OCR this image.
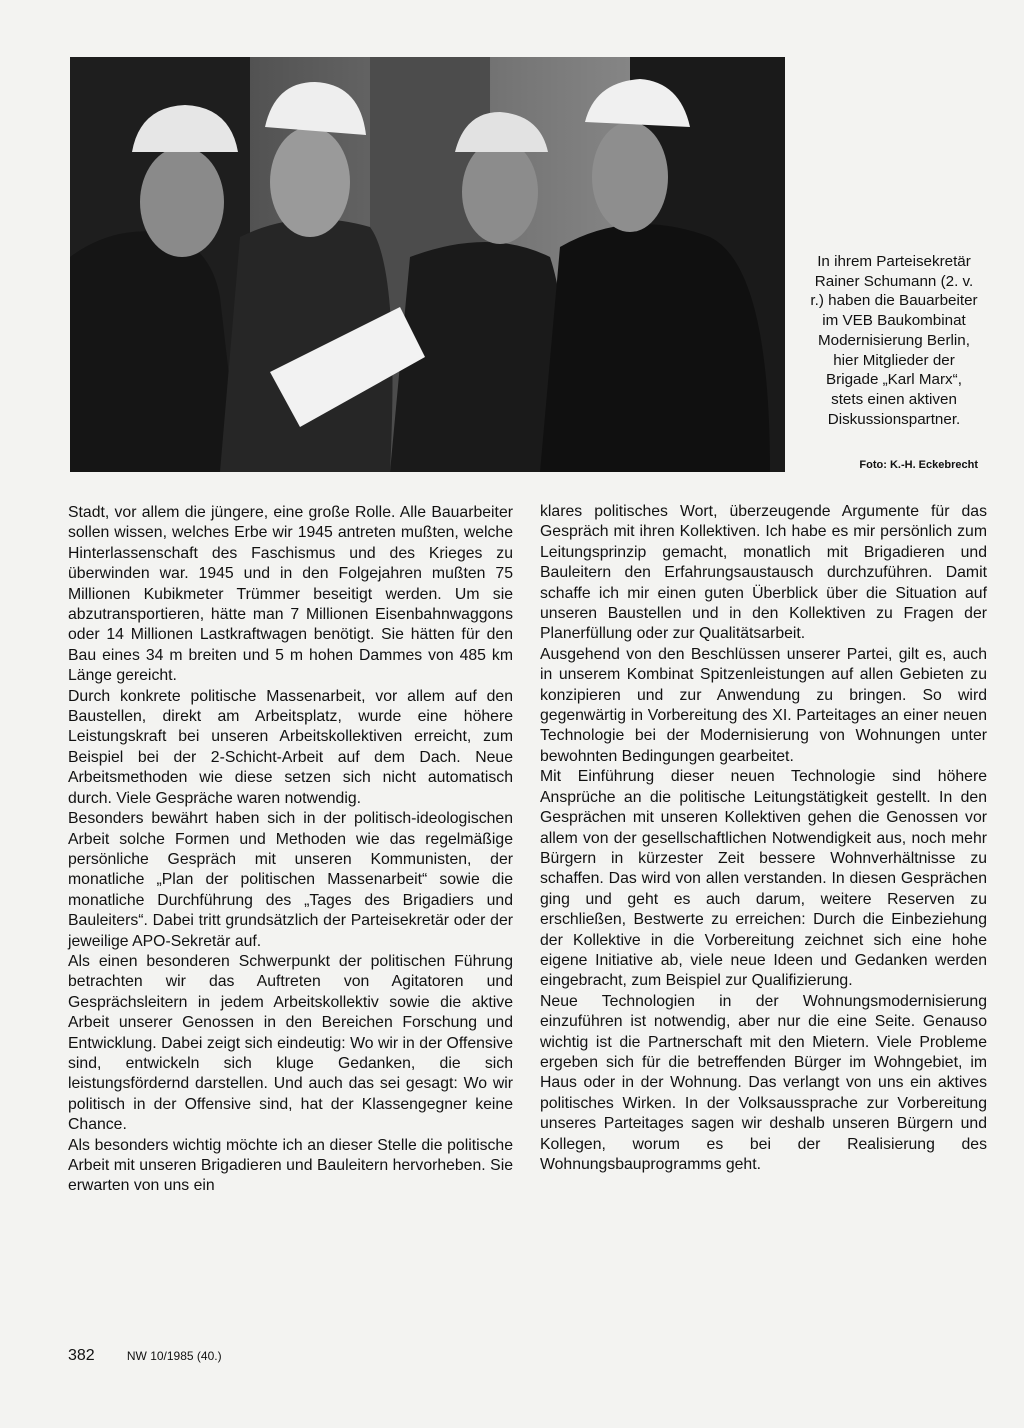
In ihrem Parteisekretär Rainer Schumann (2. v. r.) haben die Bauarbeiter im VEB Baukombinat Modernisierung Berlin, hier Mitglieder der Brigade „Karl Marx“, stets einen aktiven Diskussionspartner.
Foto: K.-H. Eckebrecht

Stadt, vor allem die jüngere, eine große Rolle. Alle Bauarbeiter sollen wissen, welches Erbe wir 1945 antreten mußten, welche Hinterlassenschaft des Faschismus und des Krieges zu überwinden war. 1945 und in den Folgejahren mußten 75 Millionen Kubikmeter Trümmer beseitigt werden. Um sie abzutransportieren, hätte man 7 Millionen Eisenbahnwaggons oder 14 Millionen Lastkraftwagen benötigt. Sie hätten für den Bau eines 34 m breiten und 5 m hohen Dammes von 485 km Länge gereicht.

Durch konkrete politische Massenarbeit, vor allem auf den Baustellen, direkt am Arbeitsplatz, wurde eine höhere Leistungskraft bei unseren Arbeitskollektiven erreicht, zum Beispiel bei der 2-Schicht-Arbeit auf dem Dach. Neue Arbeitsmethoden wie diese setzen sich nicht automatisch durch. Viele Gespräche waren notwendig.

Besonders bewährt haben sich in der politisch-ideologischen Arbeit solche Formen und Methoden wie das regelmäßige persönliche Gespräch mit unseren Kommunisten, der monatliche „Plan der politischen Massenarbeit“ sowie die monatliche Durchführung des „Tages des Brigadiers und Bauleiters“. Dabei tritt grundsätzlich der Parteisekretär oder der jeweilige APO-Sekretär auf.

Als einen besonderen Schwerpunkt der politischen Führung betrachten wir das Auftreten von Agitatoren und Gesprächsleitern in jedem Arbeitskollektiv sowie die aktive Arbeit unserer Genossen in den Bereichen Forschung und Entwicklung. Dabei zeigt sich eindeutig: Wo wir in der Offensive sind, entwickeln sich kluge Gedanken, die sich leistungsfördernd darstellen. Und auch das sei gesagt: Wo wir politisch in der Offensive sind, hat der Klassengegner keine Chance.

Als besonders wichtig möchte ich an dieser Stelle die politische Arbeit mit unseren Brigadieren und Bauleitern hervorheben. Sie erwarten von uns ein

klares politisches Wort, überzeugende Argumente für das Gespräch mit ihren Kollektiven. Ich habe es mir persönlich zum Leitungsprinzip gemacht, monatlich mit Brigadieren und Bauleitern den Erfahrungsaustausch durchzuführen. Damit schaffe ich mir einen guten Überblick über die Situation auf unseren Baustellen und in den Kollektiven zu Fragen der Planerfüllung oder zur Qualitätsarbeit.

Ausgehend von den Beschlüssen unserer Partei, gilt es, auch in unserem Kombinat Spitzenleistungen auf allen Gebieten zu konzipieren und zur Anwendung zu bringen. So wird gegenwärtig in Vorbereitung des XI. Parteitages an einer neuen Technologie bei der Modernisierung von Wohnungen unter bewohnten Bedingungen gearbeitet.

Mit Einführung dieser neuen Technologie sind höhere Ansprüche an die politische Leitungstätigkeit gestellt. In den Gesprächen mit unseren Kollektiven gehen die Genossen vor allem von der gesellschaftlichen Notwendigkeit aus, noch mehr Bürgern in kürzester Zeit bessere Wohnverhältnisse zu schaffen. Das wird von allen verstanden. In diesen Gesprächen ging und geht es auch darum, weitere Reserven zu erschließen, Bestwerte zu erreichen: Durch die Einbeziehung der Kollektive in die Vorbereitung zeichnet sich eine hohe eigene Initiative ab, viele neue Ideen und Gedanken werden eingebracht, zum Beispiel zur Qualifizierung.

Neue Technologien in der Wohnungsmodernisierung einzuführen ist notwendig, aber nur die eine Seite. Genauso wichtig ist die Partnerschaft mit den Mietern. Viele Probleme ergeben sich für die betreffenden Bürger im Wohngebiet, im Haus oder in der Wohnung. Das verlangt von uns ein aktives politisches Wirken. In der Volksaussprache zur Vorbereitung unseres Parteitages sagen wir deshalb unseren Bürgern und Kollegen, worum es bei der Realisierung des Wohnungsbauprogramms geht.

382	NW 10/1985 (40.)
